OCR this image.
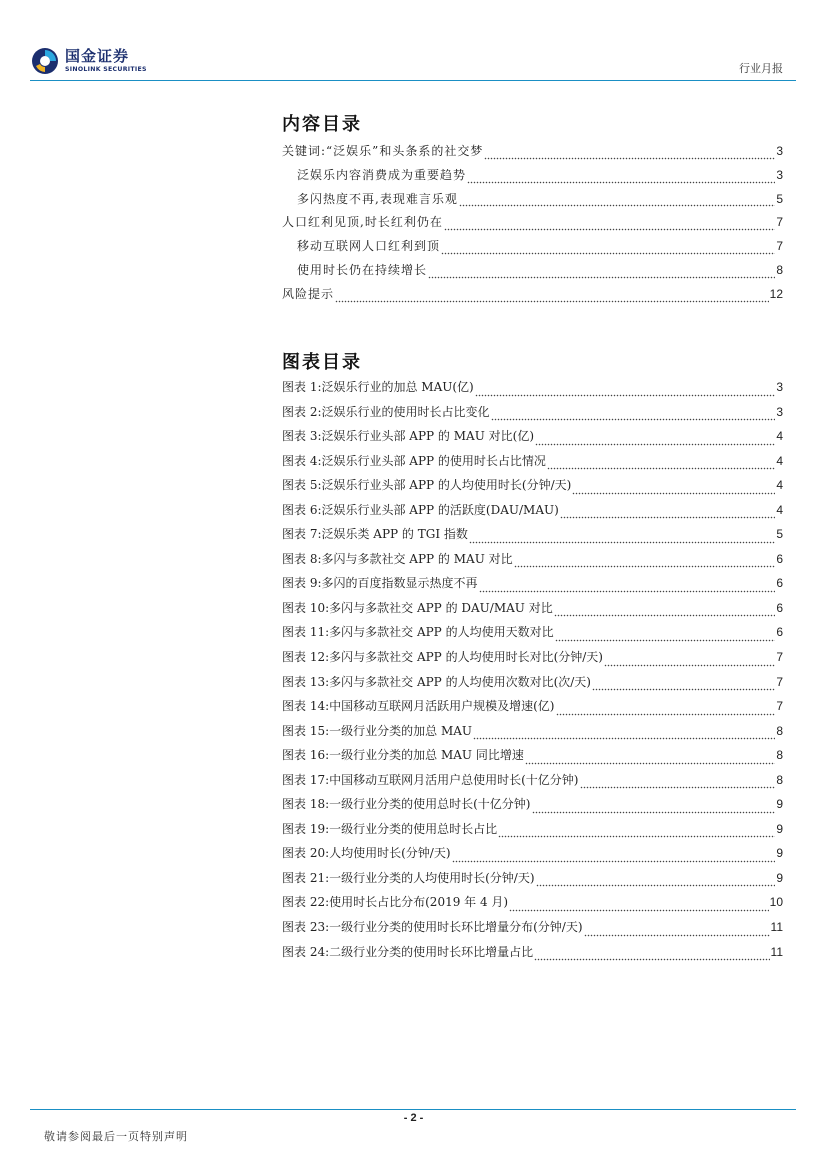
国金证券
SINOLINK SECURITIES	行业月报
内容目录
关键词:“泛娱乐”和头条系的社交梦	3
泛娱乐内容消费成为重要趋势	3
多闪热度不再,表现难言乐观	5
人口红利见顶,时长红利仍在	7
移动互联网人口红利到顶	7
使用时长仍在持续增长	8
风险提示	12
图表目录
图表 1:泛娱乐行业的加总 MAU(亿)	3
图表 2:泛娱乐行业的使用时长占比变化	3
图表 3:泛娱乐行业头部 APP 的 MAU 对比(亿)	4
图表 4:泛娱乐行业头部 APP 的使用时长占比情况	4
图表 5:泛娱乐行业头部 APP 的人均使用时长(分钟/天)	4
图表 6:泛娱乐行业头部 APP 的活跃度(DAU/MAU)	4
图表 7:泛娱乐类 APP 的 TGI 指数	5
图表 8:多闪与多款社交 APP 的 MAU 对比	6
图表 9:多闪的百度指数显示热度不再	6
图表 10:多闪与多款社交 APP 的 DAU/MAU 对比	6
图表 11:多闪与多款社交 APP 的人均使用天数对比	6
图表 12:多闪与多款社交 APP 的人均使用时长对比(分钟/天)	7
图表 13:多闪与多款社交 APP 的人均使用次数对比(次/天)	7
图表 14:中国移动互联网月活跃用户规模及增速(亿)	7
图表 15:一级行业分类的加总 MAU	8
图表 16:一级行业分类的加总 MAU 同比增速	8
图表 17:中国移动互联网月活用户总使用时长(十亿分钟)	8
图表 18:一级行业分类的使用总时长(十亿分钟)	9
图表 19:一级行业分类的使用总时长占比	9
图表 20:人均使用时长(分钟/天)	9
图表 21:一级行业分类的人均使用时长(分钟/天)	9
图表 22:使用时长占比分布(2019 年 4 月)	10
图表 23:一级行业分类的使用时长环比增量分布(分钟/天)	11
图表 24:二级行业分类的使用时长环比增量占比	11
- 2 -
敬请参阅最后一页特别声明
